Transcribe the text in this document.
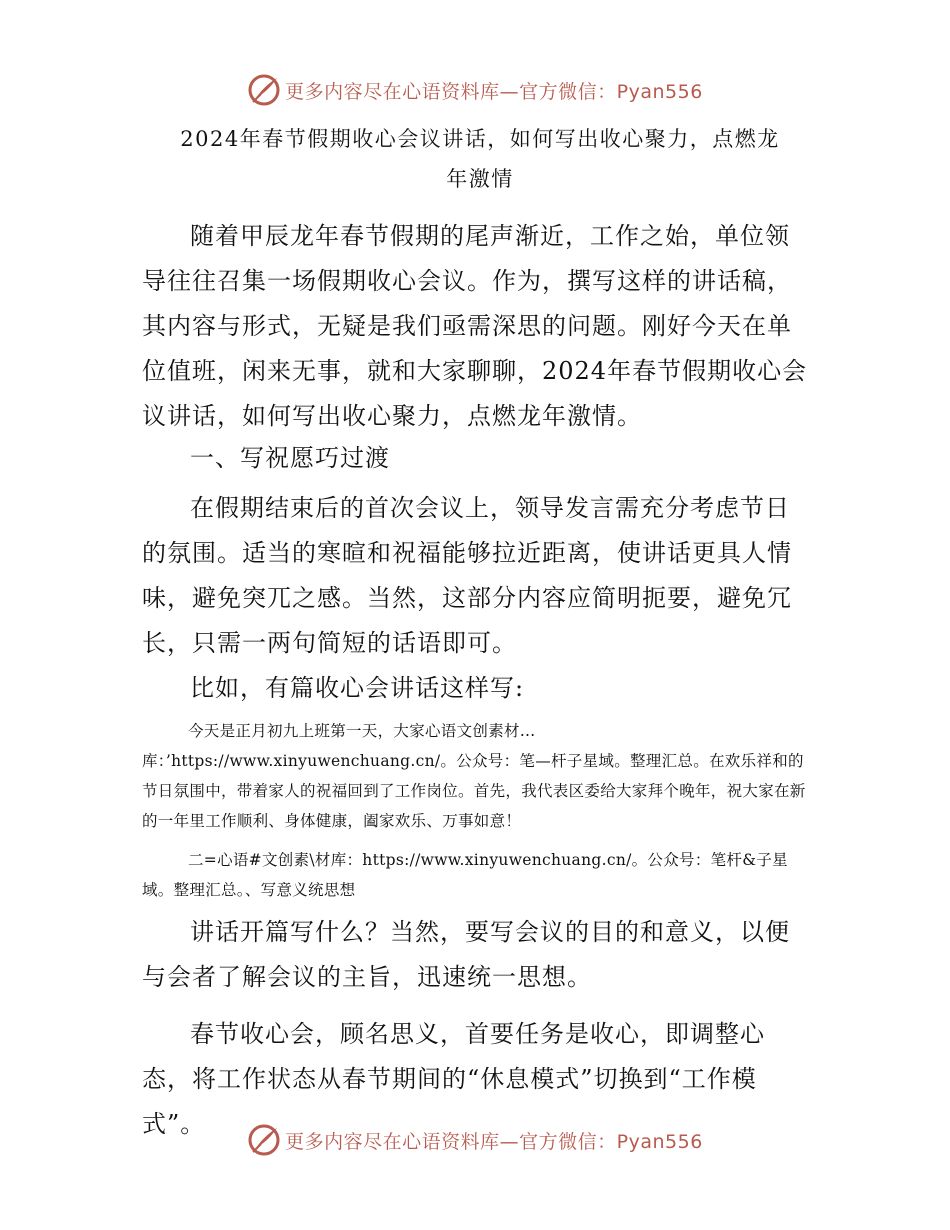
更多内容尽在心语资料库—官方微信：Pyan556
2024年春节假期收心会议讲话，如何写出收心聚力，点燃龙
年激情

随着甲辰龙年春节假期的尾声渐近，工作之始，单位领导往往召集一场假期收心会议。作为，撰写这样的讲话稿，其内容与形式，无疑是我们亟需深思的问题。刚好今天在单位值班，闲来无事，就和大家聊聊，2024年春节假期收心会议讲话，如何写出收心聚力，点燃龙年激情。

一、写祝愿巧过渡

在假期结束后的首次会议上，领导发言需充分考虑节日的氛围。适当的寒暄和祝福能够拉近距离，使讲话更具人情味，避免突兀之感。当然，这部分内容应简明扼要，避免冗长，只需一两句简短的话语即可。

比如，有篇收心会讲话这样写:

今天是正月初九上班第一天，大家心语文创素材…库：’https://www.xinyuwenchuang.cn/。公众号：笔—杆子星域。整理汇总。在欢乐祥和的节日氛围中，带着家人的祝福回到了工作岗位。首先，我代表区委给大家拜个晚年，祝大家在新的一年里工作顺利、身体健康，阖家欢乐、万事如意！

二=心语#文创素\材库：https://www.xinyuwenchuang.cn/。公众号：笔杆&子星域。整理汇总。、写意义统思想

讲话开篇写什么？当然，要写会议的目的和意义，以便与会者了解会议的主旨，迅速统一思想。

春节收心会，顾名思义，首要任务是收心，即调整心态，将工作状态从春节期间的“休息模式”切换到“工作模式”。

更多内容尽在心语资料库—官方微信：Pyan556
